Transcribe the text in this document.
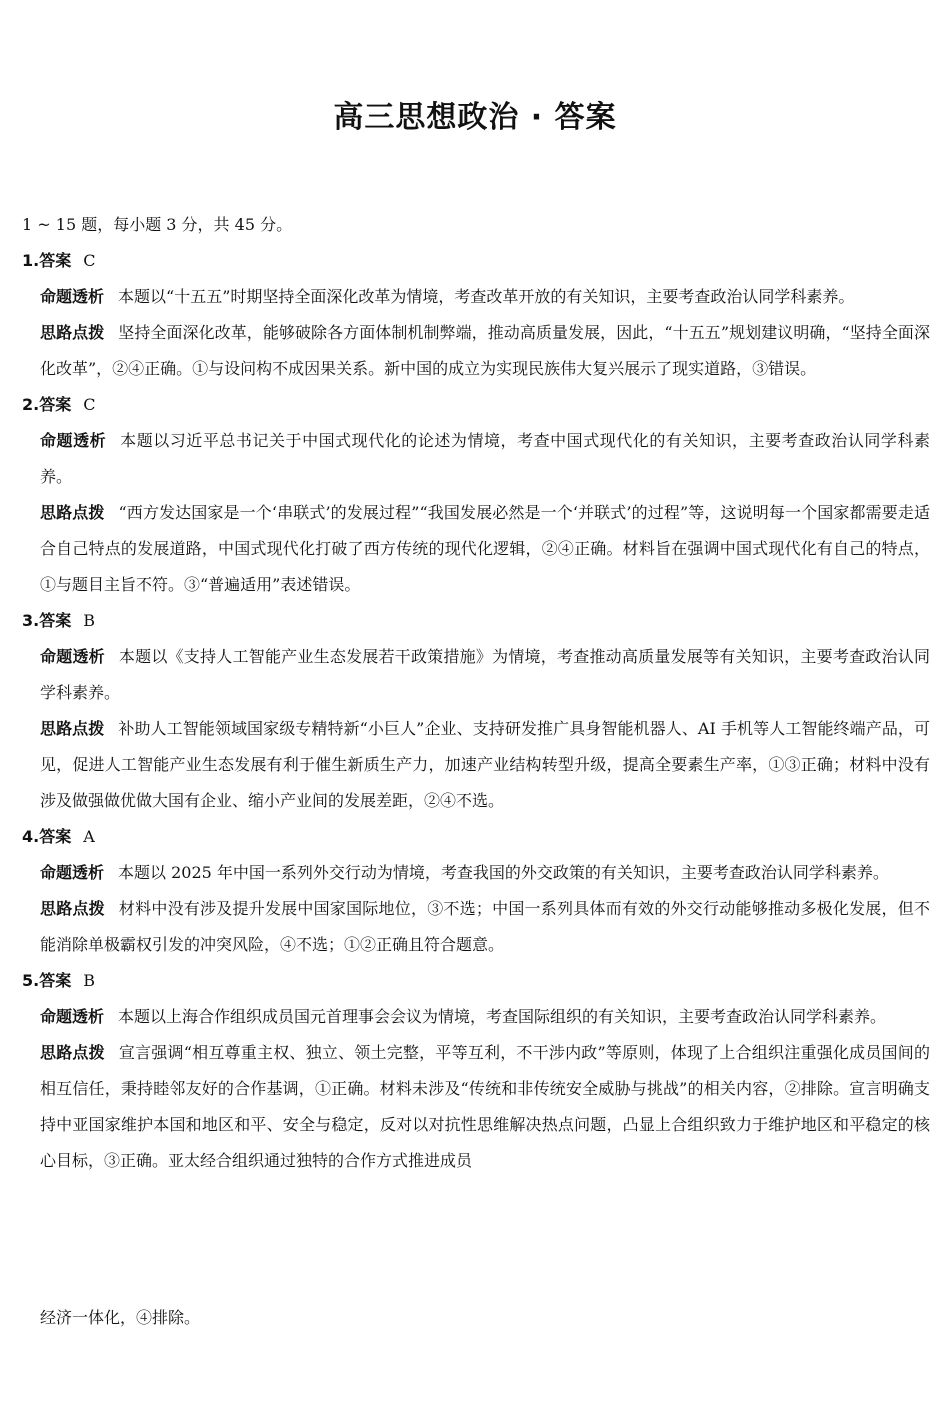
高三思想政治 · 答案

1 ~ 15 题，每小题 3 分，共 45 分。

1.答案 C

命题透析 本题以“十五五”时期坚持全面深化改革为情境，考查改革开放的有关知识，主要考查政治认同学科素养。

思路点拨 坚持全面深化改革，能够破除各方面体制机制弊端，推动高质量发展，因此，“十五五”规划建议明确，“坚持全面深化改革”，②④正确。①与设问构不成因果关系。新中国的成立为实现民族伟大复兴展示了现实道路，③错误。

2.答案 C

命题透析 本题以习近平总书记关于中国式现代化的论述为情境，考查中国式现代化的有关知识，主要考查政治认同学科素养。

思路点拨 “西方发达国家是一个‘串联式’的发展过程”“我国发展必然是一个‘并联式’的过程”等，这说明每一个国家都需要走适合自己特点的发展道路，中国式现代化打破了西方传统的现代化逻辑，②④正确。材料旨在强调中国式现代化有自己的特点，①与题目主旨不符。③“普遍适用”表述错误。

3.答案 B

命题透析 本题以《支持人工智能产业生态发展若干政策措施》为情境，考查推动高质量发展等有关知识，主要考查政治认同学科素养。

思路点拨 补助人工智能领域国家级专精特新“小巨人”企业、支持研发推广具身智能机器人、AI 手机等人工智能终端产品，可见，促进人工智能产业生态发展有利于催生新质生产力，加速产业结构转型升级，提高全要素生产率，①③正确；材料中没有涉及做强做优做大国有企业、缩小产业间的发展差距，②④不选。

4.答案 A

命题透析 本题以 2025 年中国一系列外交行动为情境，考查我国的外交政策的有关知识，主要考查政治认同学科素养。

思路点拨 材料中没有涉及提升发展中国家国际地位，③不选；中国一系列具体而有效的外交行动能够推动多极化发展，但不能消除单极霸权引发的冲突风险，④不选；①②正确且符合题意。

5.答案 B

命题透析 本题以上海合作组织成员国元首理事会会议为情境，考查国际组织的有关知识，主要考查政治认同学科素养。

思路点拨 宣言强调“相互尊重主权、独立、领土完整，平等互利，不干涉内政”等原则，体现了上合组织注重强化成员国间的相互信任，秉持睦邻友好的合作基调，①正确。材料未涉及“传统和非传统安全威胁与挑战”的相关内容，②排除。宣言明确支持中亚国家维护本国和地区和平、安全与稳定，反对以对抗性思维解决热点问题，凸显上合组织致力于维护地区和平稳定的核心目标，③正确。亚太经合组织通过独特的合作方式推进成员

经济一体化，④排除。
